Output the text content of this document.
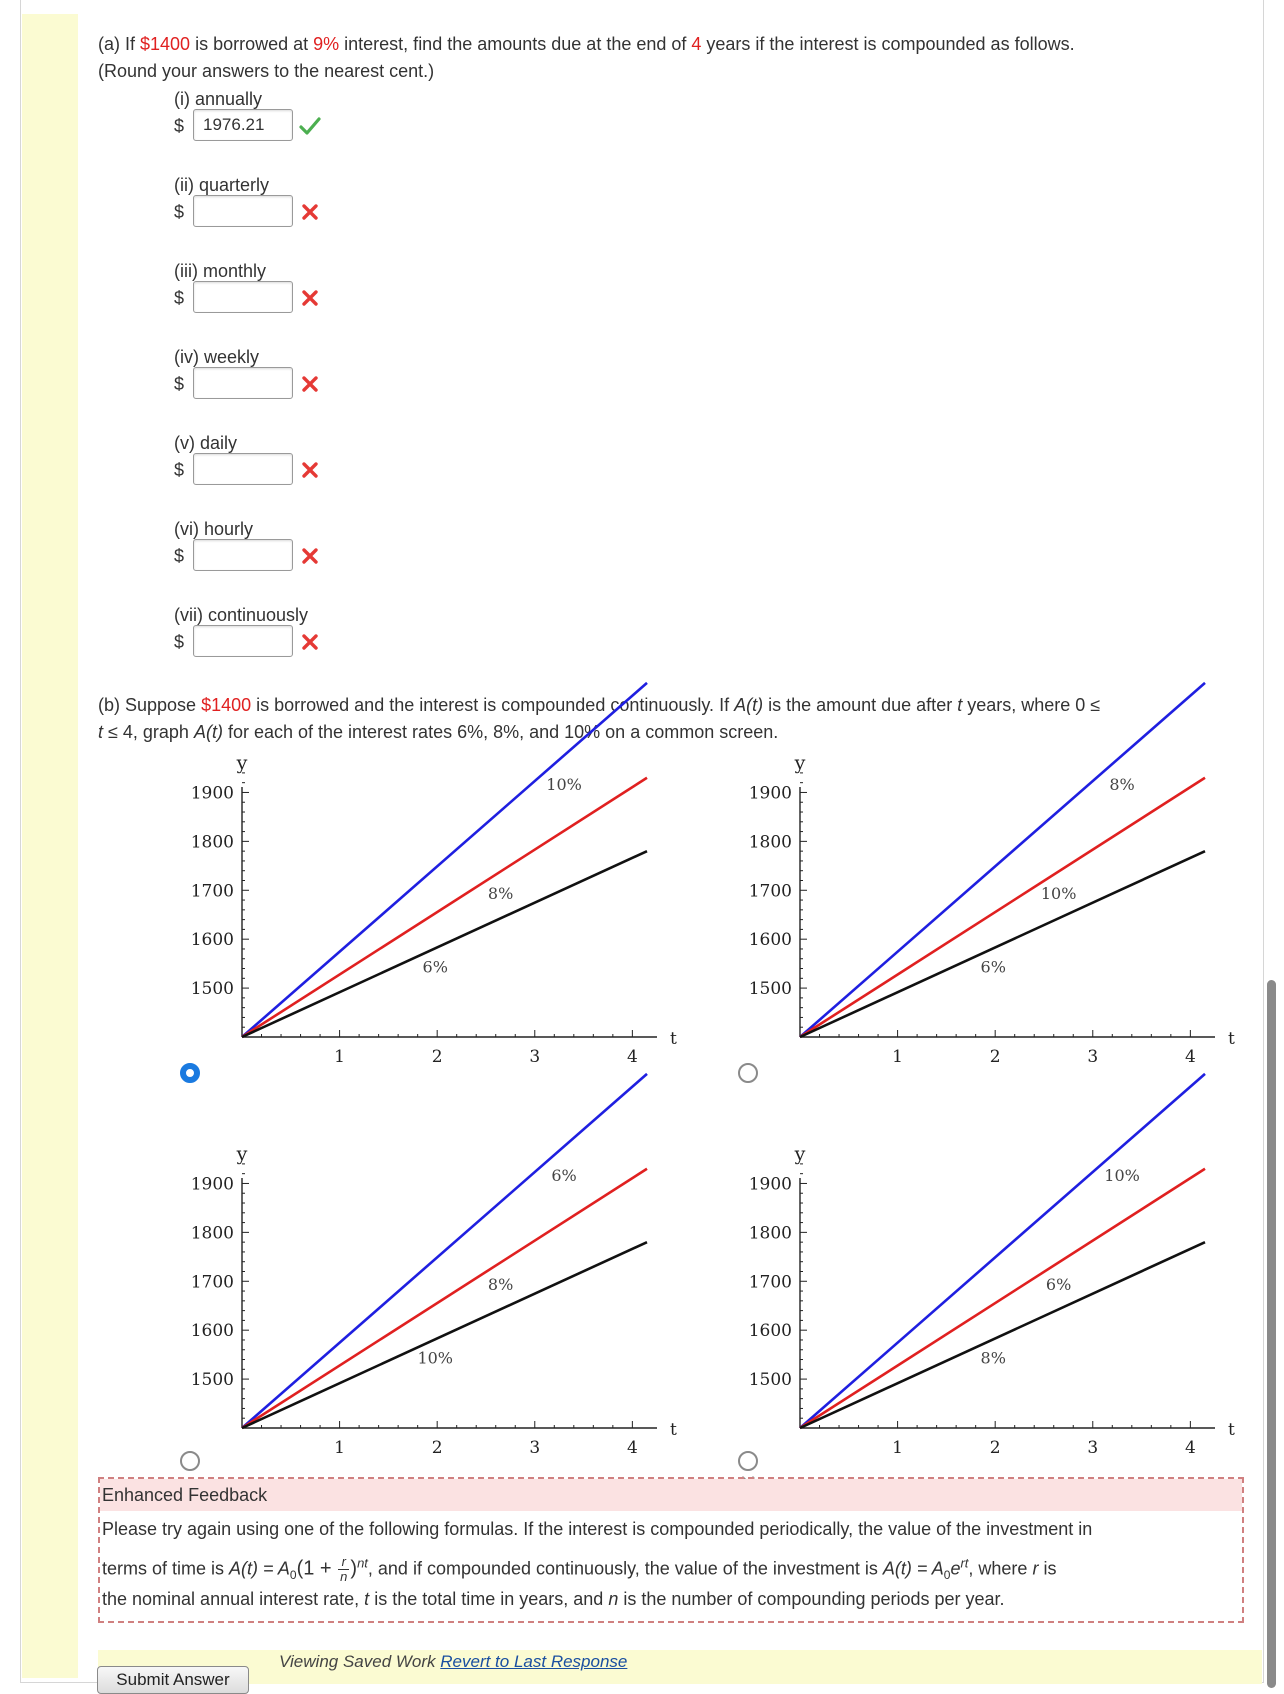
(a) If $1400 is borrowed at 9% interest, find the amounts due at the end of 4 years if the interest is compounded as follows.
(Round your answers to the nearest cent.)
(i) annually
$
1976.21
(ii) quarterly
$
(iii) monthly
$
(iv) weekly
$
(v) daily
$
(vi) hourly
$
(vii) continuously
$
(b) Suppose $1400 is borrowed and the interest is compounded continuously. If A(t) is the amount due after t years, where 0 ≤
t ≤ 4, graph A(t) for each of the interest rates 6%, 8%, and 10% on a common screen.
1	2	3	4
1500
1600
1700
1800
1900
t
y
10%
8%
6%
1	2	3	4
1500
1600
1700
1800
1900
t
y
8%
10%
6%
1	2	3	4
1500
1600
1700
1800
1900
t
y
6%
8%
10%
1	2	3	4
1500
1600
1700
1800
1900
t
y
10%
6%
8%
Enhanced Feedback
Please try again using one of the following formulas. If the interest is compounded periodically, the value of the investment in
terms of time is $A(t) = A_0(1 + \frac{r}{n} )^{nt}$, and if compounded continuously, the value of the investment is $A(t) = A_0e^{rt}$, where r is
the nominal annual interest rate, t is the total time in years, and n is the number of compounding periods per year.
Submit Answer
Viewing Saved Work Revert to Last Response
